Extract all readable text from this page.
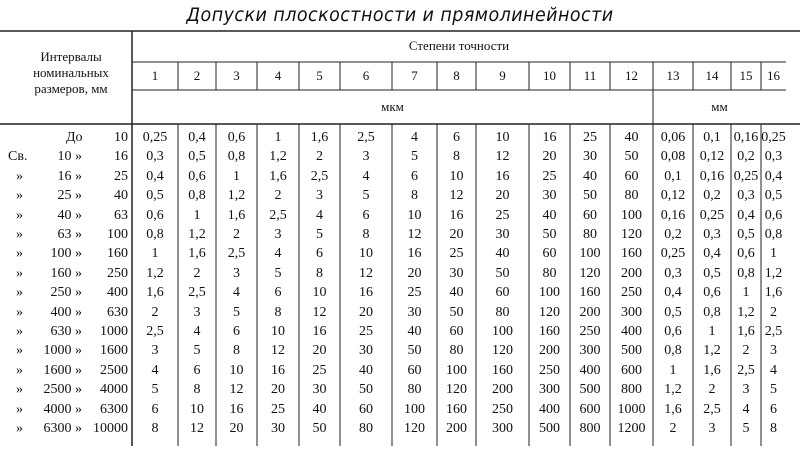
Допуски плоскостности и прямолинейности
Интервалы
номинальных
размеров, мм
Степени точности
1	2	3	4	5	6	7	8	9	10	11	12	13	14	15	16
мкм	мм
До	10	0,25	0,4	0,6	1	1,6	2,5	4	6	10	16	25	40	0,06	0,1 0,16 0,25
Св.	10 »	16	0,3	0,5	0,8	1,2	2	3	5	8	12	20	30	50	0,08	0,12 0,2 0,3
»	16 »	25	0,4	0,6	1	1,6	2,5	4	6	10	16	25	40	60	0,1	0,16 0,25 0,4
»	25 »	40	0,5	0,8	1,2	2	3	5	8	12	20	30	50	80	0,12	0,2	0,3 0,5
»	40 »	63	0,6	1	1,6	2,5	4	6	10	16	25	40	60	100	0,16	0,25 0,4 0,6
»	63 »	100	0,8	1,2	2	3	5	8	12	20	30	50	80	120	0,2	0,3	0,5 0,8
»	100 »	160	1	1,6	2,5	4	6	10	16	25	40	60	100	160	0,25	0,4	0,6	1
»	160 »	250	1,2	2	3	5	8	12	20	30	50	80	120	200	0,3	0,5	0,8 1,2
»	250 »	400	1,6	2,5	4	6	10	16	25	40	60	100	160	250	0,4	0,6	1	1,6
»	400 »	630	2	3	5	8	12	20	30	50	80	120	200	300	0,5	0,8	1,2	2
»	630 »	1000	2,5	4	6	10	16	25	40	60	100	160	250	400	0,6	1	1,6 2,5
»	1000 »	1600	3	5	8	12	20	30	50	80	120	200	300	500	0,8	1,2	2	3
»	1600 »	2500	4	6	10	16	25	40	60	100	160	250	400	600	1	1,6	2,5	4
»	2500 »	4000	5	8	12	20	30	50	80	120	200	300	500	800	1,2	2	3	5
»	4000 »	6300	6	10	16	25	40	60	100	160	250	400	600	1000	1,6	2,5	4	6
»	6300 » 10000	8	12	20	30	50	80	120	200	300	500	800	1200	2	3	5	8
